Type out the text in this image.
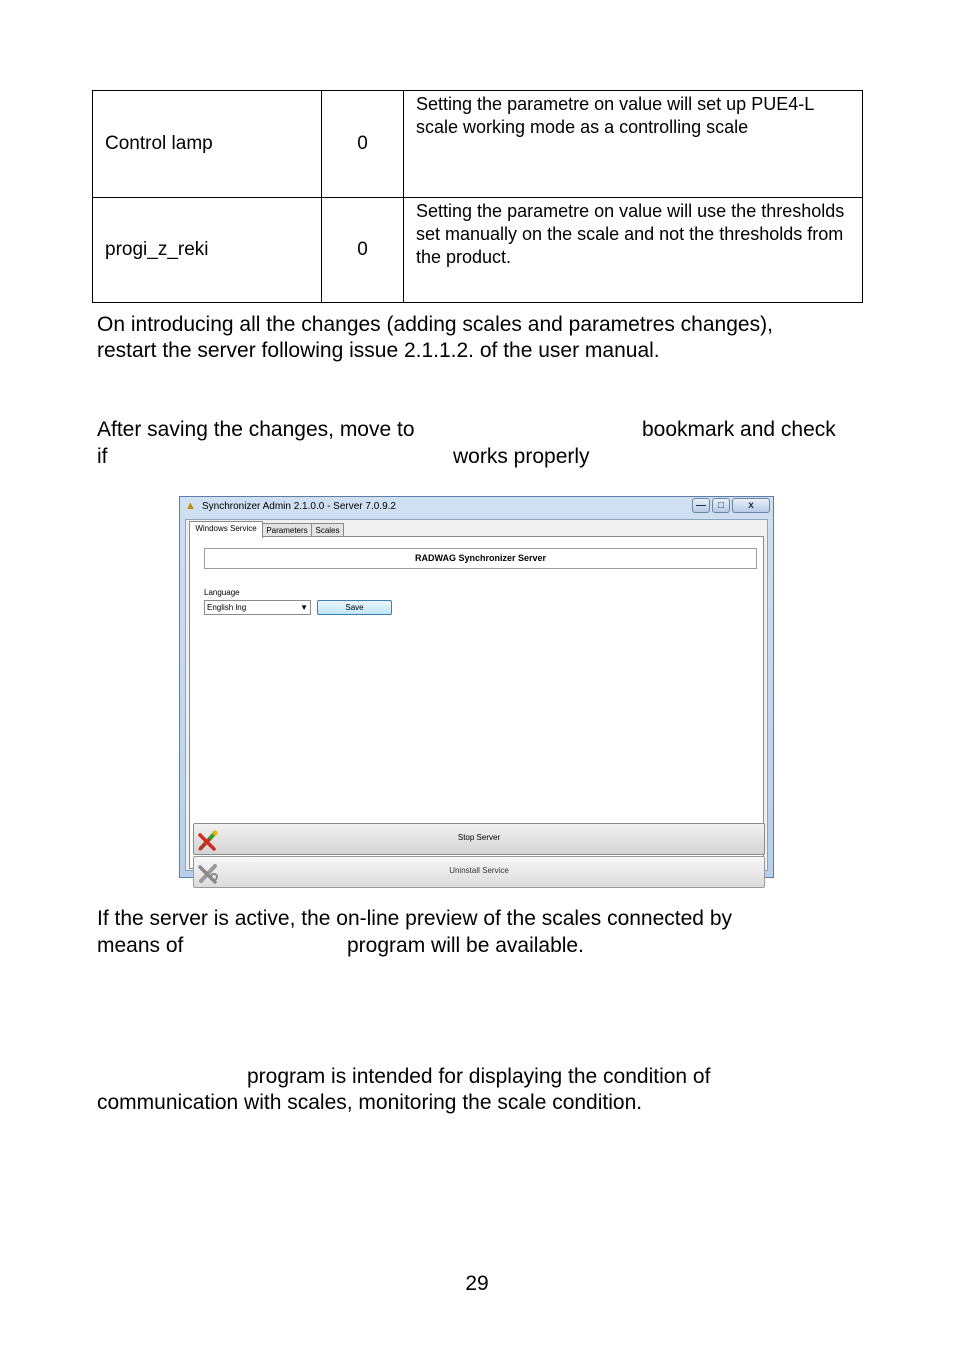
Control lamp	0	Setting the parametre on value will set up PUE4-L scale working mode as a controlling scale
progi_z_reki	0	Setting the parametre on value will use the thresholds set manually on the scale and not the thresholds from the product.

On introducing all the changes (adding scales and parametres changes),

restart the server following issue 2.1.1.2. of the user manual.

After saving the changes, move to	bookmark and check
if	works properly
▲ Synchronizer Admin 2.1.0.0 - Server 7.0.9.2	—	□	x
Windows Service	Parameters Scales
RADWAG Synchronizer Server
Language
English lng	▼	Save
Stop Server
Uninstall Service

If the server is active, the on-line preview of the scales connected by

means of	program will be available.
program is intended for displaying the condition of

communication with scales, monitoring the scale condition.

29
